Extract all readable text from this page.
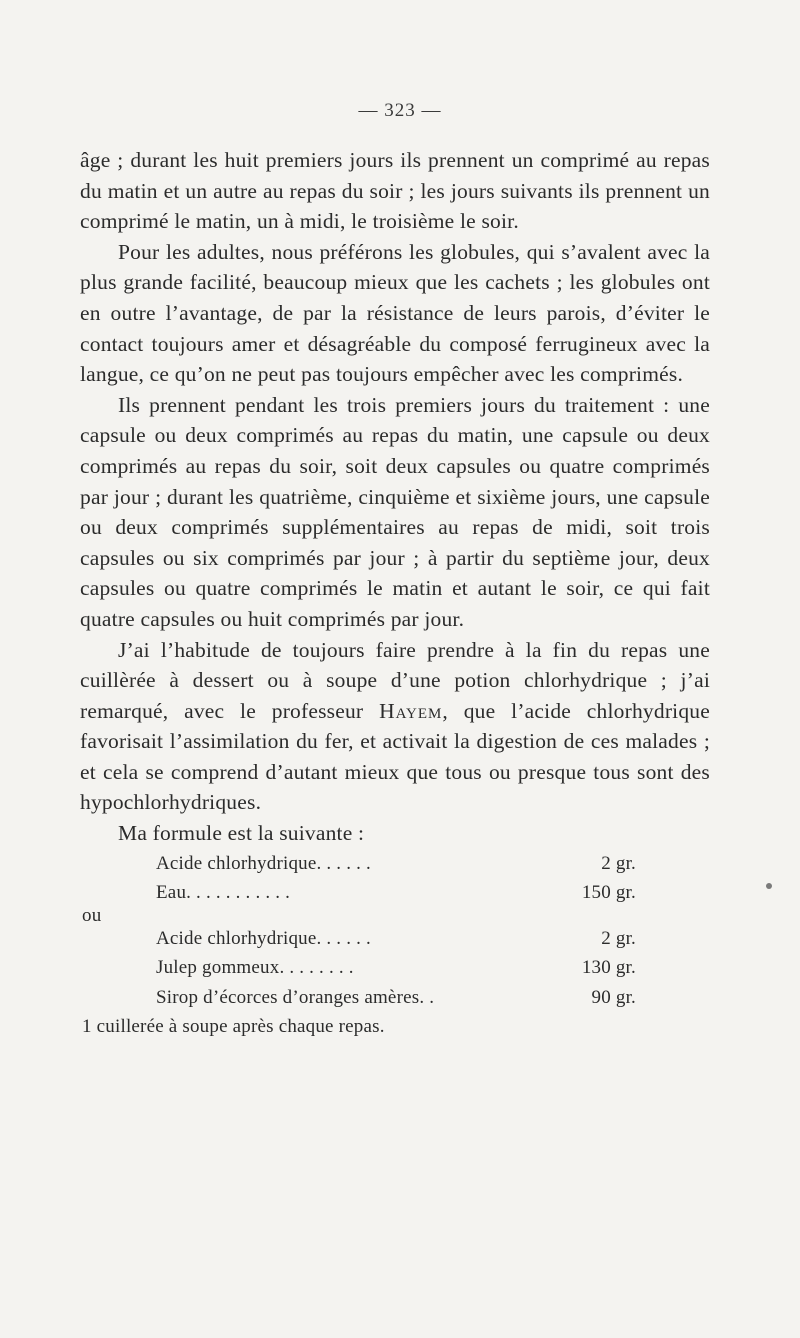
— 323 —

âge ; durant les huit premiers jours ils prennent un comprimé au repas du matin et un autre au repas du soir ; les jours suivants ils prennent un comprimé le matin, un à midi, le troisième le soir.

Pour les adultes, nous préférons les globules, qui s’avalent avec la plus grande facilité, beaucoup mieux que les cachets ; les globules ont en outre l’avantage, de par la résistance de leurs parois, d’éviter le contact toujours amer et désagréable du composé ferrugineux avec la langue, ce qu’on ne peut pas toujours empêcher avec les comprimés.

Ils prennent pendant les trois premiers jours du traitement : une capsule ou deux comprimés au repas du matin, une capsule ou deux comprimés au repas du soir, soit deux capsules ou quatre comprimés par jour ; durant les quatrième, cinquième et sixième jours, une capsule ou deux comprimés supplémentaires au repas de midi, soit trois capsules ou six comprimés par jour ; à partir du septième jour, deux capsules ou quatre comprimés le matin et autant le soir, ce qui fait quatre capsules ou huit comprimés par jour.

J’ai l’habitude de toujours faire prendre à la fin du repas une cuillèrée à dessert ou à soupe d’une potion chlorhydrique ; j’ai remarqué, avec le professeur Hayem, que l’acide chlorhydrique favorisait l’assimilation du fer, et activait la digestion de ces malades ; et cela se comprend d’autant mieux que tous ou presque tous sont des hypochlorhydriques.

Ma formule est la suivante :

Acide chlorhydrique. . . . . .	2 gr.
Eau. . . . . . . . . . .	150 gr.
ou
Acide chlorhydrique. . . . . .	2 gr.
Julep gommeux. . . . . . . .	130 gr.
Sirop d’écorces d’oranges amères. .	90 gr.
1 cuillerée à soupe après chaque repas.
